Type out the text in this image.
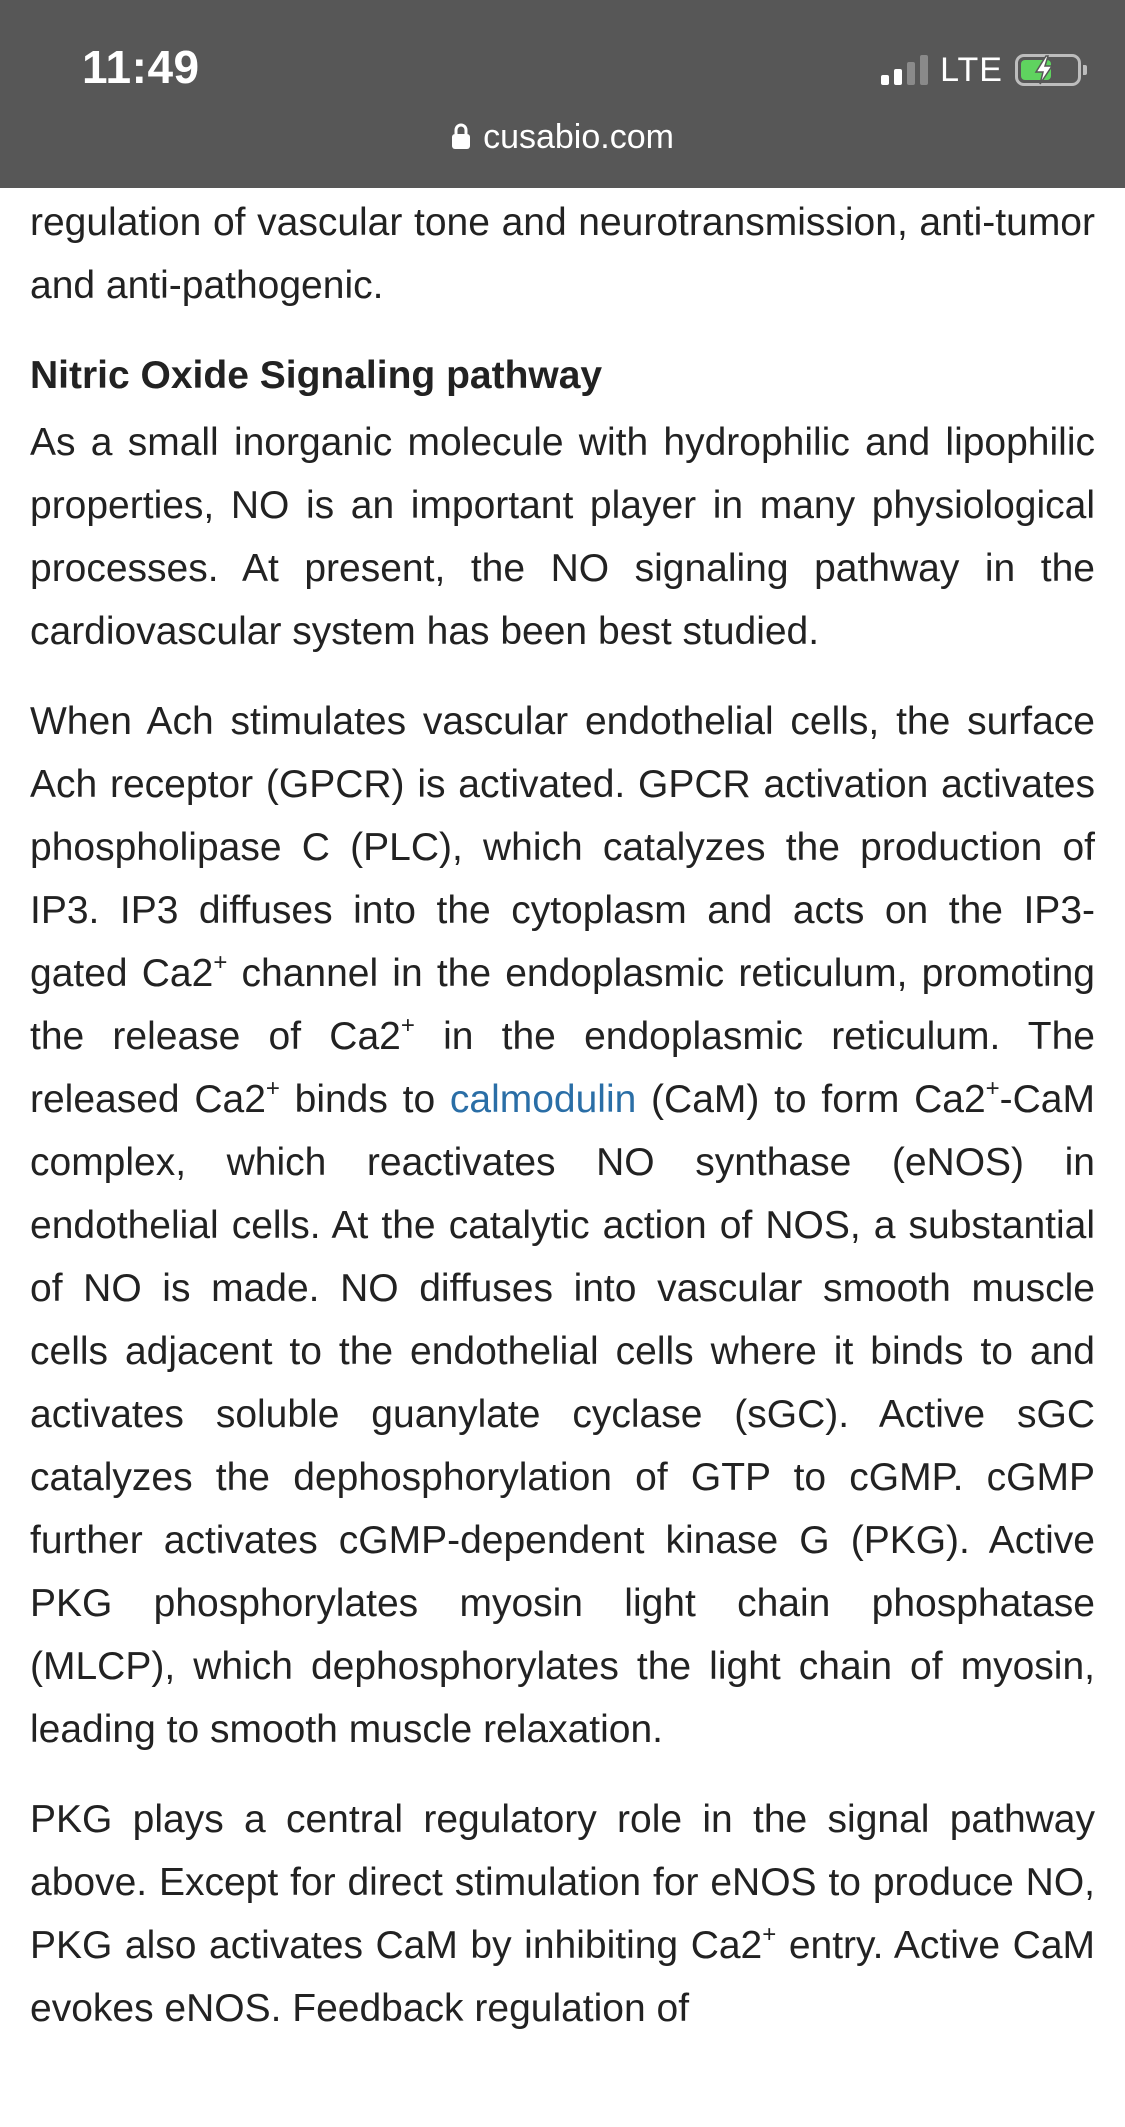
11:49	LTE
cusabio.com

regulation of vascular tone and neurotransmission, anti-tumor and anti-pathogenic.

Nitric Oxide Signaling pathway

As a small inorganic molecule with hydrophilic and lipophilic properties, NO is an important player in many physiological processes. At present, the NO signaling pathway in the cardiovascular system has been best studied.

When Ach stimulates vascular endothelial cells, the surface Ach receptor (GPCR) is activated. GPCR activation activates phospholipase C (PLC), which catalyzes the production of IP3. IP3 diffuses into the cytoplasm and acts on the IP3-gated Ca2+ channel in the endoplasmic reticulum, promoting the release of Ca2+ in the endoplasmic reticulum. The released Ca2+ binds to calmodulin (CaM) to form Ca2+-CaM complex, which reactivates NO synthase (eNOS) in endothelial cells. At the catalytic action of NOS, a substantial of NO is made. NO diffuses into vascular smooth muscle cells adjacent to the endothelial cells where it binds to and activates soluble guanylate cyclase (sGC). Active sGC catalyzes the dephosphorylation of GTP to cGMP. cGMP further activates cGMP-dependent kinase G (PKG). Active PKG phosphorylates myosin light chain phosphatase (MLCP), which dephosphorylates the light chain of myosin, leading to smooth muscle relaxation.

PKG plays a central regulatory role in the signal pathway above. Except for direct stimulation for eNOS to produce NO, PKG also activates CaM by inhibiting Ca2+ entry. Active CaM evokes eNOS. Feedback regulation of
